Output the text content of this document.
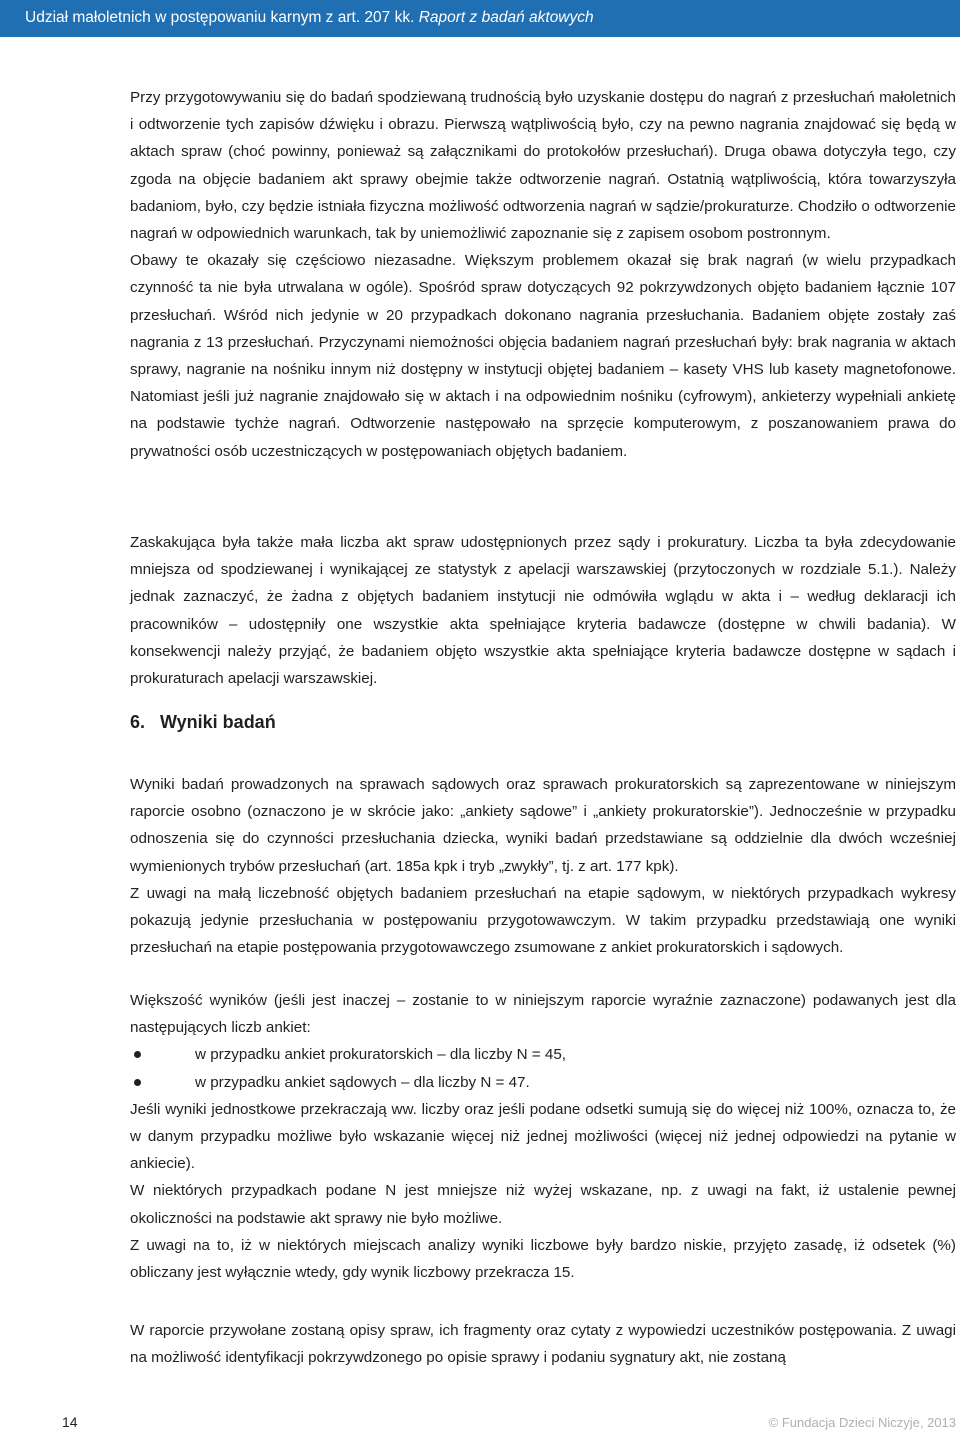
Udział małoletnich w postępowaniu karnym z art. 207 kk. Raport z badań aktowych

Przy przygotowywaniu się do badań spodziewaną trudnością było uzyskanie dostępu do nagrań z przesłuchań małoletnich i odtworzenie tych zapisów dźwięku i obrazu. Pierwszą wątpliwością było, czy na pewno nagrania znajdować się będą w aktach spraw (choć powinny, ponieważ są załącznikami do protokołów przesłuchań). Druga obawa dotyczyła tego, czy zgoda na objęcie badaniem akt sprawy obejmie także odtworzenie nagrań. Ostatnią wątpliwością, która towarzyszyła badaniom, było, czy będzie istniała fizyczna możliwość odtworzenia nagrań w sądzie/prokuraturze. Chodziło o odtworzenie nagrań w odpowiednich warunkach, tak by uniemożliwić zapoznanie się z zapisem osobom postronnym.

Obawy te okazały się częściowo niezasadne. Większym problemem okazał się brak nagrań (w wielu przypadkach czynność ta nie była utrwalana w ogóle). Spośród spraw dotyczących 92 pokrzywdzonych objęto badaniem łącznie 107 przesłuchań. Wśród nich jedynie w 20 przypadkach dokonano nagrania przesłuchania. Badaniem objęte zostały zaś nagrania z 13 przesłuchań. Przyczynami niemożności objęcia badaniem nagrań przesłuchań były: brak nagrania w aktach sprawy, nagranie na nośniku innym niż dostępny w instytucji objętej badaniem – kasety VHS lub kasety magnetofonowe. Natomiast jeśli już nagranie znajdowało się w aktach i na odpowiednim nośniku (cyfrowym), ankieterzy wypełniali ankietę na podstawie tychże nagrań. Odtworzenie następowało na sprzęcie komputerowym, z poszanowaniem prawa do prywatności osób uczestniczących w postępowaniach objętych badaniem.

Zaskakująca była także mała liczba akt spraw udostępnionych przez sądy i prokuratury. Liczba ta była zdecydowanie mniejsza od spodziewanej i wynikającej ze statystyk z apelacji warszawskiej (przytoczonych w rozdziale 5.1.). Należy jednak zaznaczyć, że żadna z objętych badaniem instytucji nie odmówiła wglądu w akta i – według deklaracji ich pracowników – udostępniły one wszystkie akta spełniające kryteria badawcze (dostępne w chwili badania). W konsekwencji należy przyjąć, że badaniem objęto wszystkie akta spełniające kryteria badawcze dostępne w sądach i prokuraturach apelacji warszawskiej.

6. Wyniki badań

Wyniki badań prowadzonych na sprawach sądowych oraz sprawach prokuratorskich są zaprezentowane w niniejszym raporcie osobno (oznaczono je w skrócie jako: „ankiety sądowe” i „ankiety prokuratorskie”). Jednocześnie w przypadku odnoszenia się do czynności przesłuchania dziecka, wyniki badań przedstawiane są oddzielnie dla dwóch wcześniej wymienionych trybów przesłuchań (art. 185a kpk i tryb „zwykły”, tj. z art. 177 kpk).

Z uwagi na małą liczebność objętych badaniem przesłuchań na etapie sądowym, w niektórych przypadkach wykresy pokazują jedynie przesłuchania w postępowaniu przygotowawczym. W takim przypadku przedstawiają one wyniki przesłuchań na etapie postępowania przygotowawczego zsumowane z ankiet prokuratorskich i sądowych.

Większość wyników (jeśli jest inaczej – zostanie to w niniejszym raporcie wyraźnie zaznaczone) podawanych jest dla następujących liczb ankiet:

w przypadku ankiet prokuratorskich – dla liczby N = 45,
w przypadku ankiet sądowych – dla liczby N = 47.

Jeśli wyniki jednostkowe przekraczają ww. liczby oraz jeśli podane odsetki sumują się do więcej niż 100%, oznacza to, że w danym przypadku możliwe było wskazanie więcej niż jednej możliwości (więcej niż jednej odpowiedzi na pytanie w ankiecie).

W niektórych przypadkach podane N jest mniejsze niż wyżej wskazane, np. z uwagi na fakt, iż ustalenie pewnej okoliczności na podstawie akt sprawy nie było możliwe.

Z uwagi na to, iż w niektórych miejscach analizy wyniki liczbowe były bardzo niskie, przyjęto zasadę, iż odsetek (%) obliczany jest wyłącznie wtedy, gdy wynik liczbowy przekracza 15.

W raporcie przywołane zostaną opisy spraw, ich fragmenty oraz cytaty z wypowiedzi uczestników postępowania. Z uwagi na możliwość identyfikacji pokrzywdzonego po opisie sprawy i podaniu sygnatury akt, nie zostaną

14	© Fundacja Dzieci Niczyje, 2013
